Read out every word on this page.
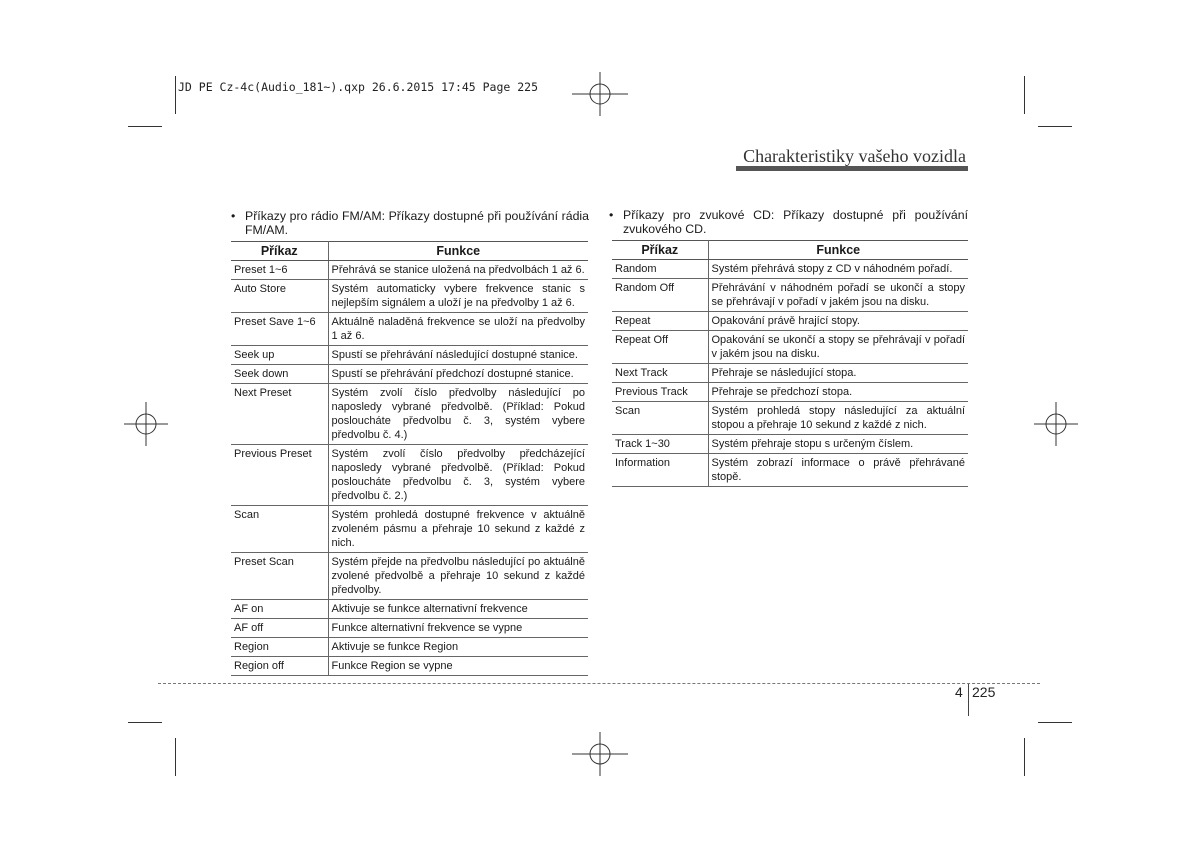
JD PE Cz-4c(Audio_181~).qxp 26.6.2015 17:45 Page 225
Charakteristiky vašeho vozidla
• Příkazy pro rádio FM/AM: Příkazy dostupné při používání rádia FM/AM.
Příkaz	Funkce
Preset 1~6	Přehrává se stanice uložená na předvolbách 1 až 6.
Auto Store	Systém automaticky vybere frekvence stanic s nejlepším signálem a uloží je na předvolby 1 až 6.
Preset Save 1~6	Aktuálně naladěná frekvence se uloží na předvolby 1 až 6.
Seek up	Spustí se přehrávání následující dostupné stanice.
Seek down	Spustí se přehrávání předchozí dostupné stanice.
Next Preset	Systém zvolí číslo předvolby následující po naposledy vybrané předvolbě. (Příklad: Pokud posloucháte předvolbu č. 3, systém vybere předvolbu č. 4.)
Previous Preset	Systém zvolí číslo předvolby předcházející naposledy vybrané předvolbě. (Příklad: Pokud posloucháte předvolbu č. 3, systém vybere předvolbu č. 2.)
Scan	Systém prohledá dostupné frekvence v aktuálně zvoleném pásmu a přehraje 10 sekund z každé z nich.
Preset Scan	Systém přejde na předvolbu následující po aktuálně zvolené předvolbě a přehraje 10 sekund z každé předvolby.
AF on	Aktivuje se funkce alternativní frekvence
AF off	Funkce alternativní frekvence se vypne
Region	Aktivuje se funkce Region
Region off	Funkce Region se vypne
• Příkazy pro zvukové CD: Příkazy dostupné při používání zvukového CD.
Příkaz	Funkce
Random	Systém přehrává stopy z CD v náhodném pořadí.
Random Off	Přehrávání v náhodném pořadí se ukončí a stopy se přehrávají v pořadí v jakém jsou na disku.
Repeat	Opakování právě hrající stopy.
Repeat Off	Opakování se ukončí a stopy se přehrávají v pořadí v jakém jsou na disku.
Next Track	Přehraje se následující stopa.
Previous Track	Přehraje se předchozí stopa.
Scan	Systém prohledá stopy následující za aktuální stopou a přehraje 10 sekund z každé z nich.
Track 1~30	Systém přehraje stopu s určeným číslem.
Information	Systém zobrazí informace o právě přehrávané stopě.
4 225
